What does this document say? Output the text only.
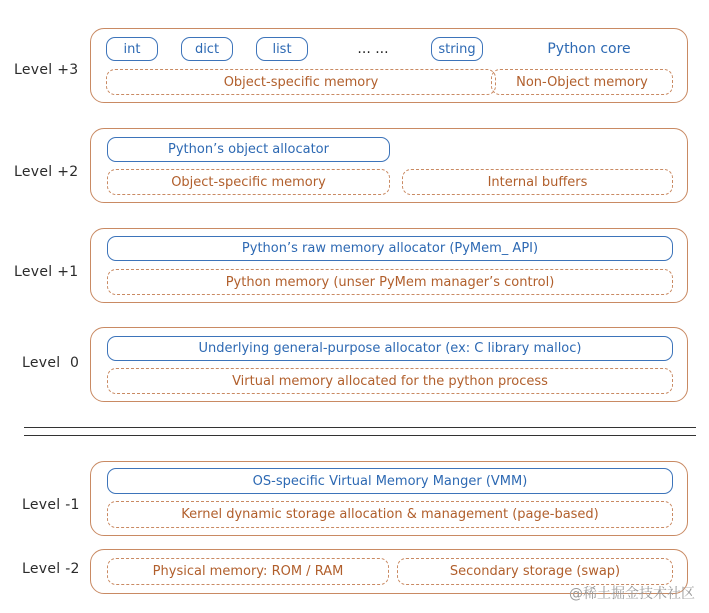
Level +3
int	dict	list	... ...	string	Python core
Object-specific memory	Non-Object memory
Level +2
Python’s object allocator
Object-specific memory	Internal buffers
Level +1
Python’s raw memory allocator (PyMem_ API)
Python memory (unser PyMem manager’s control)
Level  0
Underlying general-purpose allocator (ex: C library malloc)
Virtual memory allocated for the python process
Level -1
OS-specific Virtual Memory Manger (VMM)
Kernel dynamic storage allocation & management (page-based)
Level -2	Physical memory: ROM / RAM	Secondary storage (swap)
@稀土掘金技术社区
